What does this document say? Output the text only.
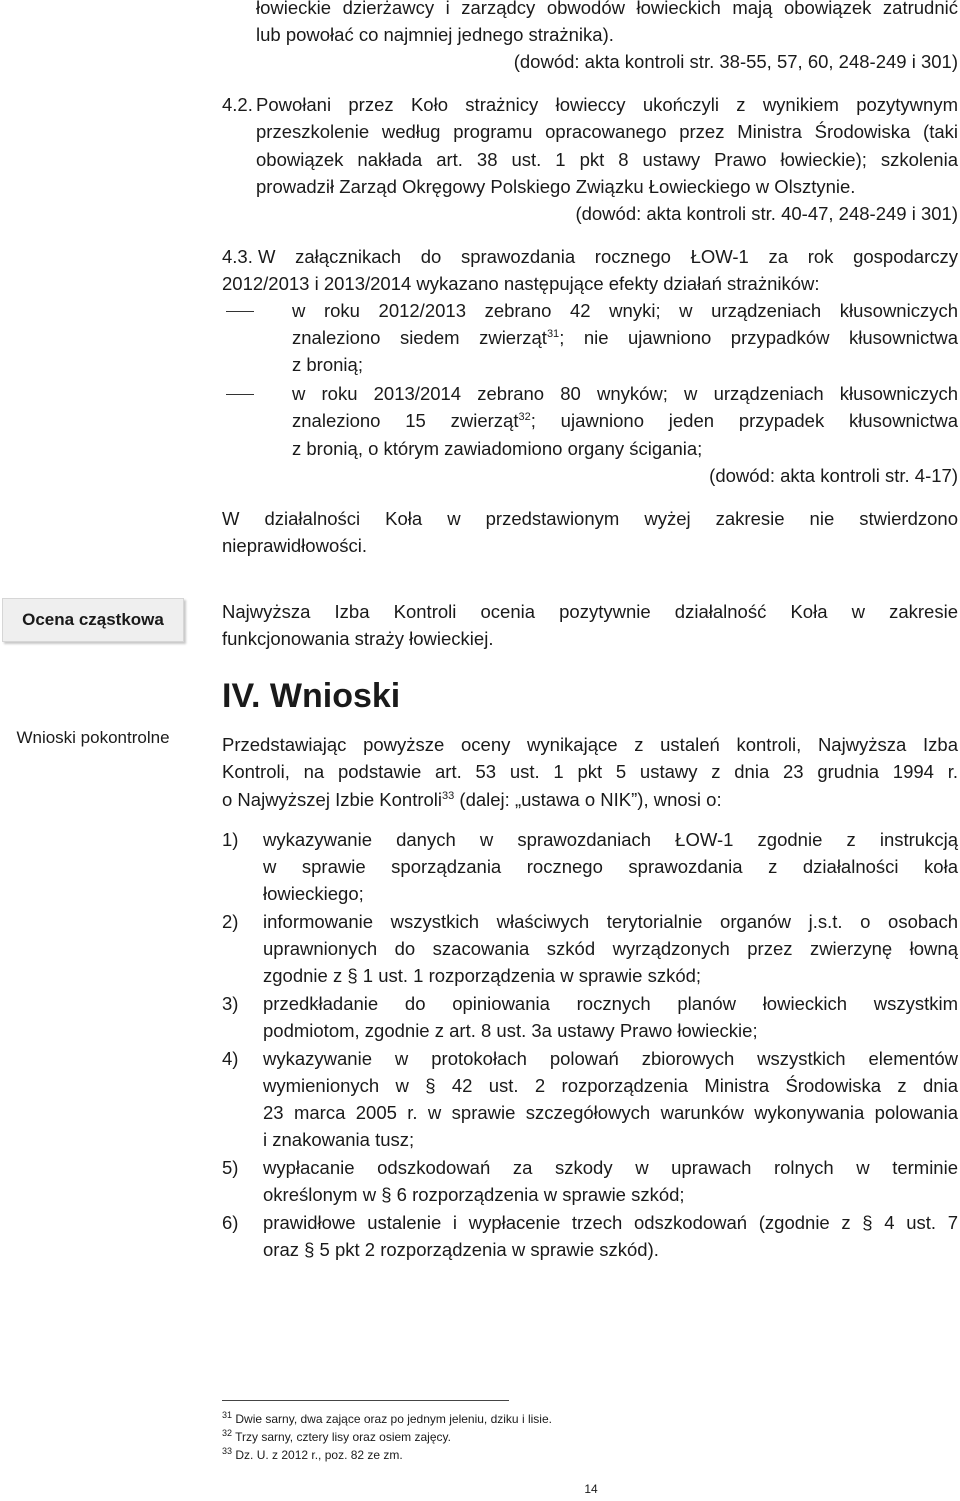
łowieckie dzierżawcy i zarządcy obwodów łowieckich mają obowiązek zatrudnić
lub powołać co najmniej jednego strażnika).
(dowód: akta kontroli str. 38-55, 57, 60, 248-249 i 301)
4.2. Powołani przez Koło strażnicy łowieccy ukończyli z wynikiem pozytywnym
przeszkolenie według programu opracowanego przez Ministra Środowiska (taki
obowiązek nakłada art. 38 ust. 1 pkt 8 ustawy Prawo łowieckie); szkolenia
prowadził Zarząd Okręgowy Polskiego Związku Łowieckiego w Olsztynie.
(dowód: akta kontroli str. 40-47, 248-249 i 301)
4.3. W załącznikach do sprawozdania rocznego ŁOW-1 za rok gospodarczy
2012/2013 i 2013/2014 wykazano następujące efekty działań strażników:
w roku 2012/2013 zebrano 42 wnyki; w urządzeniach kłusowniczych
znaleziono siedem zwierząt$^{31}$; nie ujawniono przypadków kłusownictwa
z bronią;
w roku 2013/2014 zebrano 80 wnyków; w urządzeniach kłusowniczych
znaleziono 15 zwierząt$^{32}$; ujawniono jeden przypadek kłusownictwa
z bronią, o którym zawiadomiono organy ścigania;
(dowód: akta kontroli str. 4-17)
W działalności Koła w przedstawionym wyżej zakresie nie stwierdzono
nieprawidłowości.
Ocena cząstkowa
Wnioski pokontrolne
Najwyższa Izba Kontroli ocenia pozytywnie działalność Koła w zakresie
funkcjonowania straży łowieckiej.
IV. Wnioski
Przedstawiając powyższe oceny wynikające z ustaleń kontroli, Najwyższa Izba
Kontroli, na podstawie art. 53 ust. 1 pkt 5 ustawy z dnia 23 grudnia 1994 r.
o Najwyższej Izbie Kontroli$^{33}$ (dalej: „ustawa o NIK”), wnosi o:
1)	wykazywanie danych w sprawozdaniach ŁOW-1 zgodnie z instrukcją
w sprawie sporządzania rocznego sprawozdania z działalności koła
łowieckiego;
2)	informowanie wszystkich właściwych terytorialnie organów j.s.t. o osobach
uprawnionych do szacowania szkód wyrządzonych przez zwierzynę łowną
zgodnie z § 1 ust. 1 rozporządzenia w sprawie szkód;
3)	przedkładanie do opiniowania rocznych planów łowieckich wszystkim
podmiotom, zgodnie z art. 8 ust. 3a ustawy Prawo łowieckie;
4)	wykazywanie w protokołach polowań zbiorowych wszystkich elementów
wymienionych w § 42 ust. 2 rozporządzenia Ministra Środowiska z dnia
23 marca 2005 r. w sprawie szczegółowych warunków wykonywania polowania
i znakowania tusz;
5)	wypłacanie odszkodowań za szkody w uprawach rolnych w terminie
określonym w § 6 rozporządzenia w sprawie szkód;
6)	prawidłowe ustalenie i wypłacenie trzech odszkodowań (zgodnie z § 4 ust. 7
oraz § 5 pkt 2 rozporządzenia w sprawie szkód).
$^{31}$ Dwie sarny, dwa zające oraz po jednym jeleniu, dziku i lisie.
$^{32}$ Trzy sarny, cztery lisy oraz osiem zajęcy.
$^{33}$ Dz. U. z 2012 r., poz. 82 ze zm.
14
